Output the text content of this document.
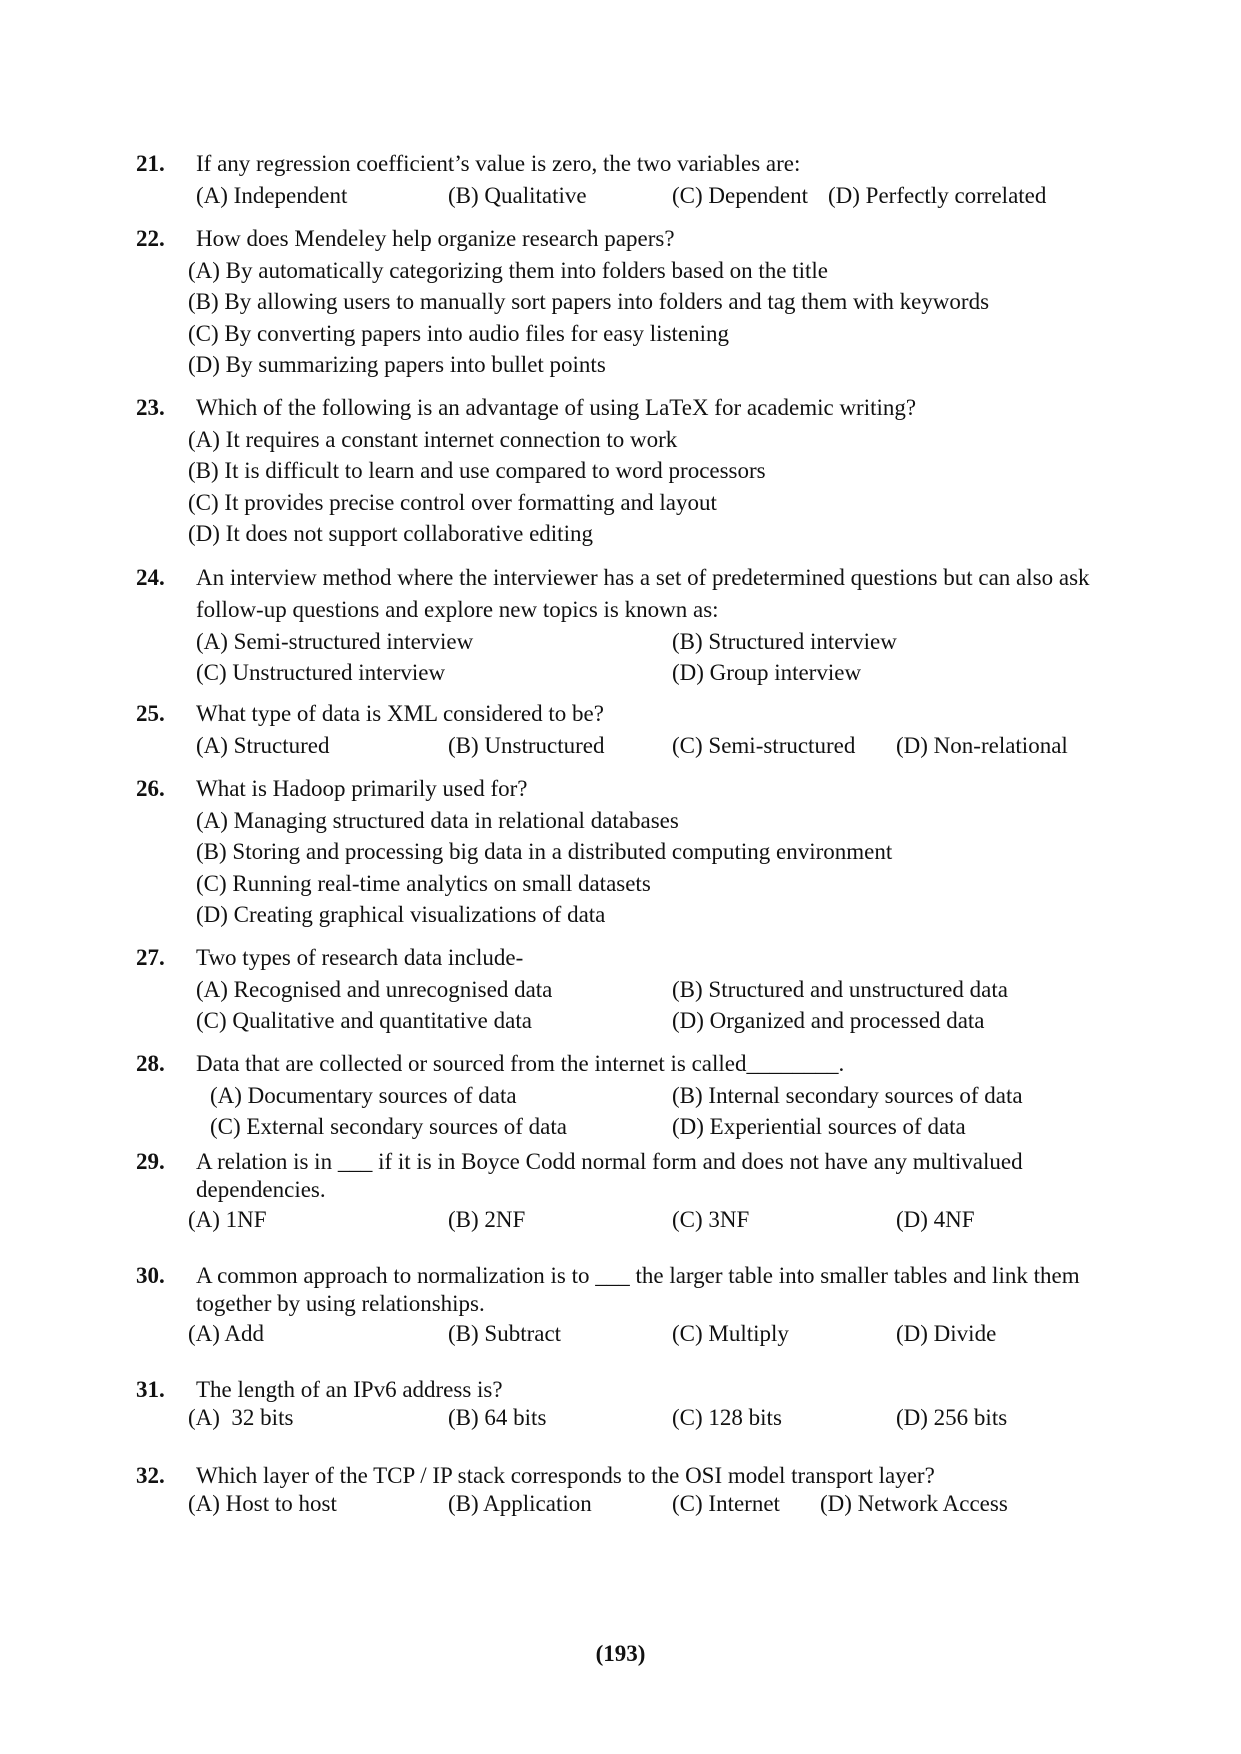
21. If any regression coefficient’s value is zero, the two variables are:
(A) Independent	(B) Qualitative	(C) Dependent (D) Perfectly correlated
22. How does Mendeley help organize research papers?
(A) By automatically categorizing them into folders based on the title
(B) By allowing users to manually sort papers into folders and tag them with keywords
(C) By converting papers into audio files for easy listening
(D) By summarizing papers into bullet points
23. Which of the following is an advantage of using LaTeX for academic writing?
(A) It requires a constant internet connection to work
(B) It is difficult to learn and use compared to word processors
(C) It provides precise control over formatting and layout
(D) It does not support collaborative editing
24. An interview method where the interviewer has a set of predetermined questions but can also ask follow-up questions and explore new topics is known as:
(A) Semi-structured interview	(B) Structured interview
(C) Unstructured interview	(D) Group interview
25. What type of data is XML considered to be?
(A) Structured	(B) Unstructured	(C) Semi-structured (D) Non-relational
26. What is Hadoop primarily used for?
(A) Managing structured data in relational databases
(B) Storing and processing big data in a distributed computing environment
(C) Running real-time analytics on small datasets
(D) Creating graphical visualizations of data
27. Two types of research data include-
(A) Recognised and unrecognised data	(B) Structured and unstructured data
(C) Qualitative and quantitative data	(D) Organized and processed data
28. Data that are collected or sourced from the internet is called________.
(A) Documentary sources of data	(B) Internal secondary sources of data
(C) External secondary sources of data	(D) Experiential sources of data
29. A relation is in ___ if it is in Boyce Codd normal form and does not have any multivalued dependencies.
(A) 1NF	(B) 2NF	(C) 3NF	(D) 4NF
30. A common approach to normalization is to ___ the larger table into smaller tables and link them together by using relationships.
(A) Add	(B) Subtract	(C) Multiply	(D) Divide
31. The length of an IPv6 address is?
(A)  32 bits	(B) 64 bits	(C) 128 bits	(D) 256 bits
32. Which layer of the TCP / IP stack corresponds to the OSI model transport layer?
(A) Host to host	(B) Application	(C) Internet (D) Network Access
(193)
